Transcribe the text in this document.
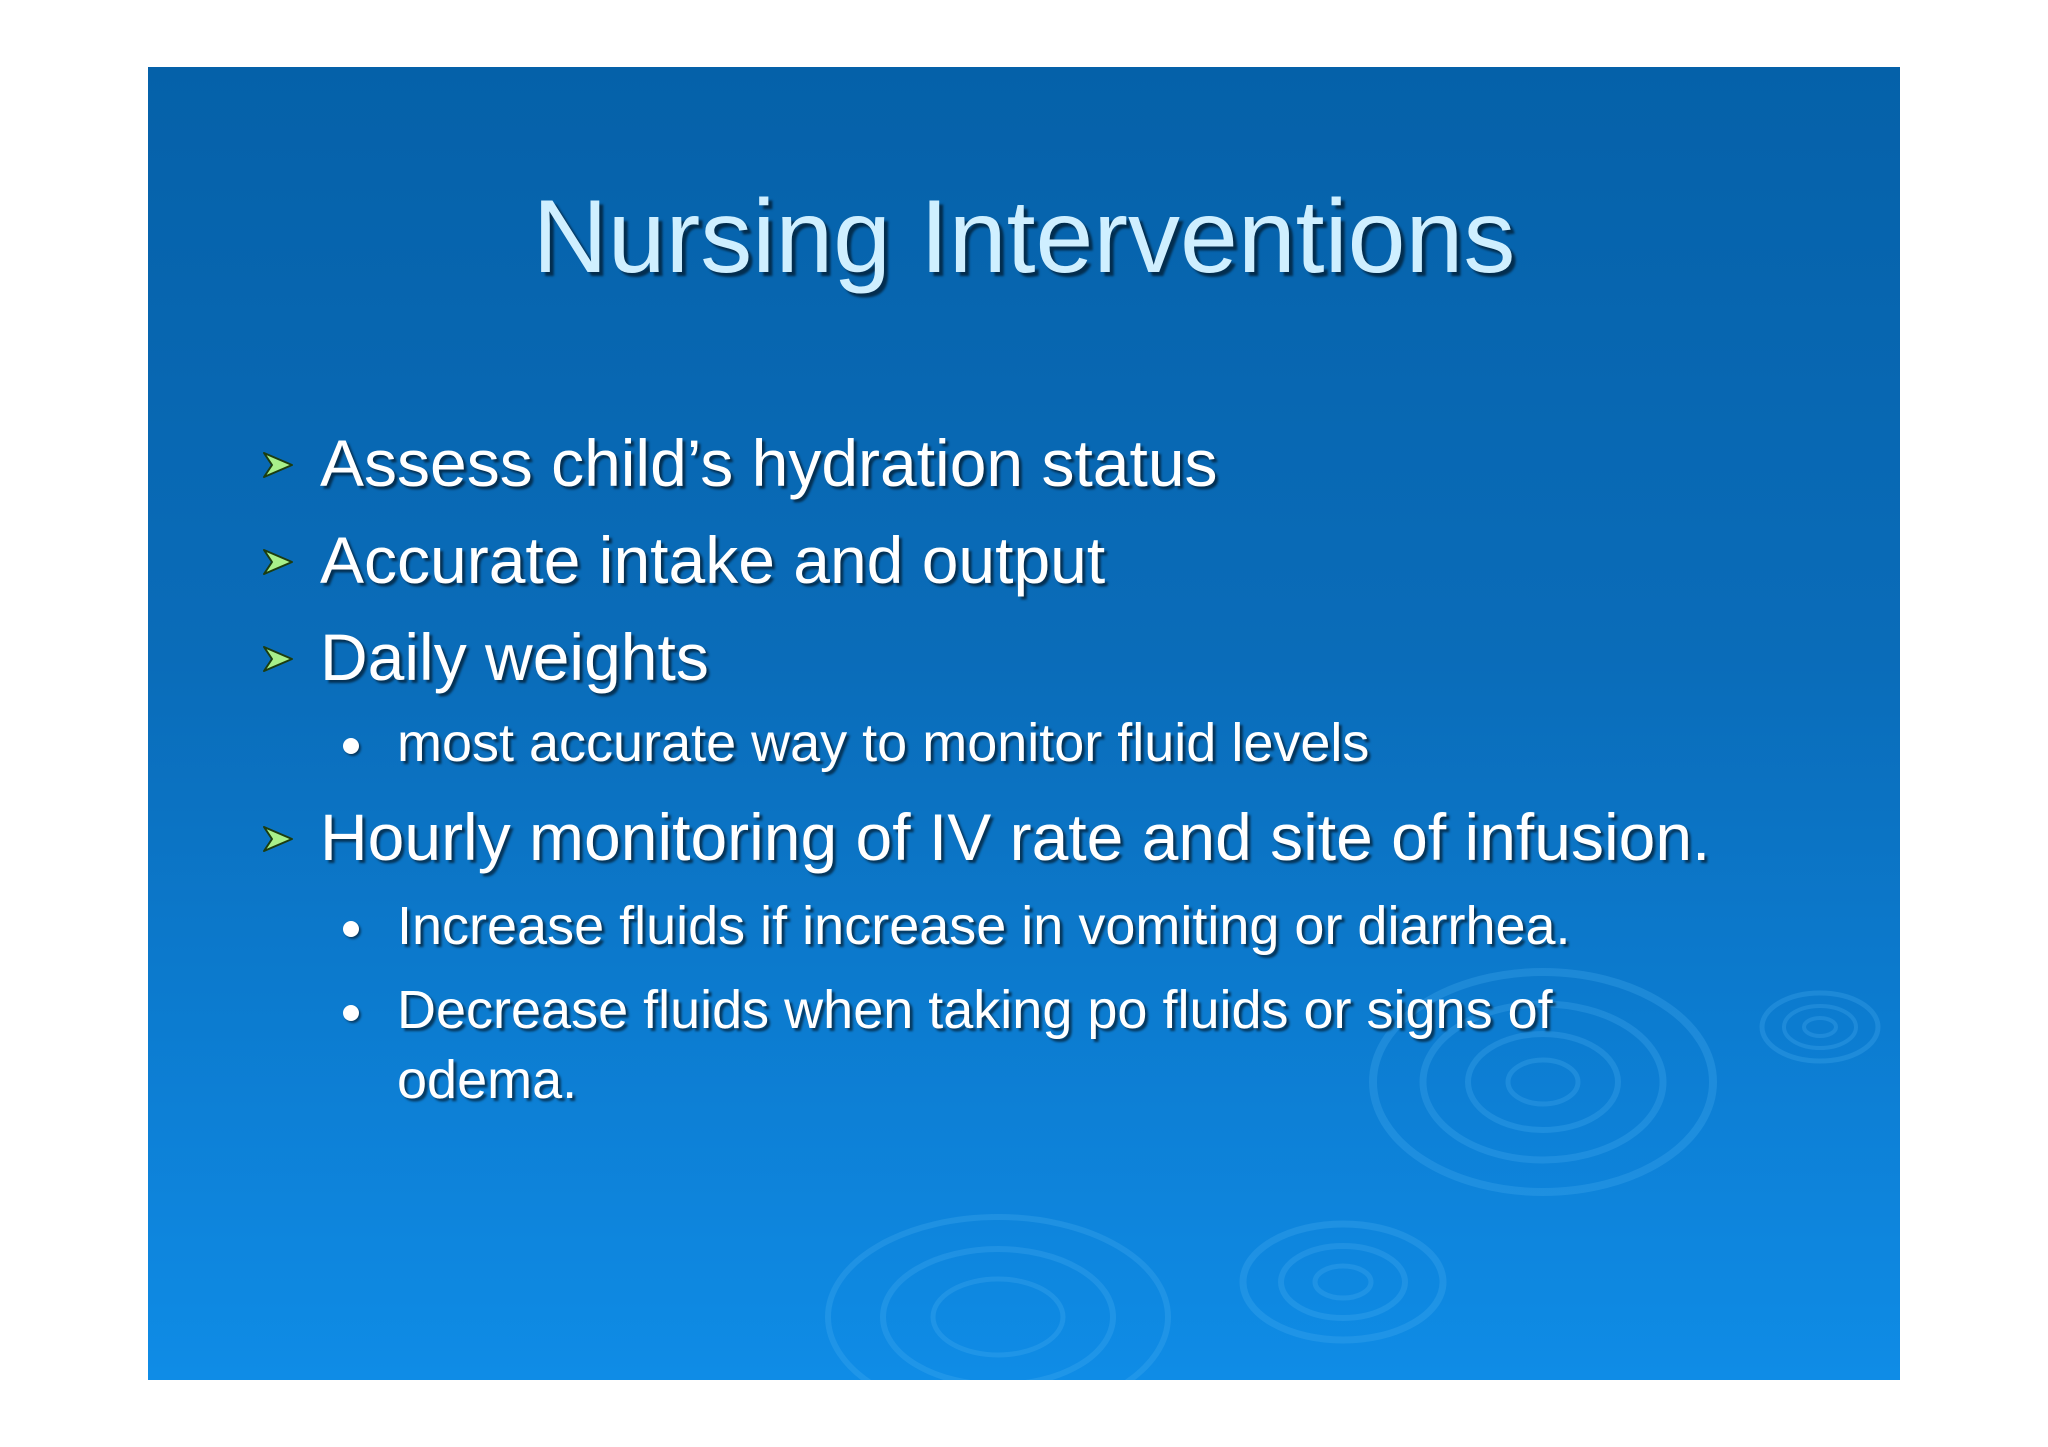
Nursing Interventions
Assess child’s hydration status
Accurate intake and output
Daily weights
most accurate way to monitor fluid levels
Hourly monitoring of IV rate and site of infusion.
Increase fluids if increase in vomiting or diarrhea.
Decrease fluids when taking po fluids or signs of
odema.
